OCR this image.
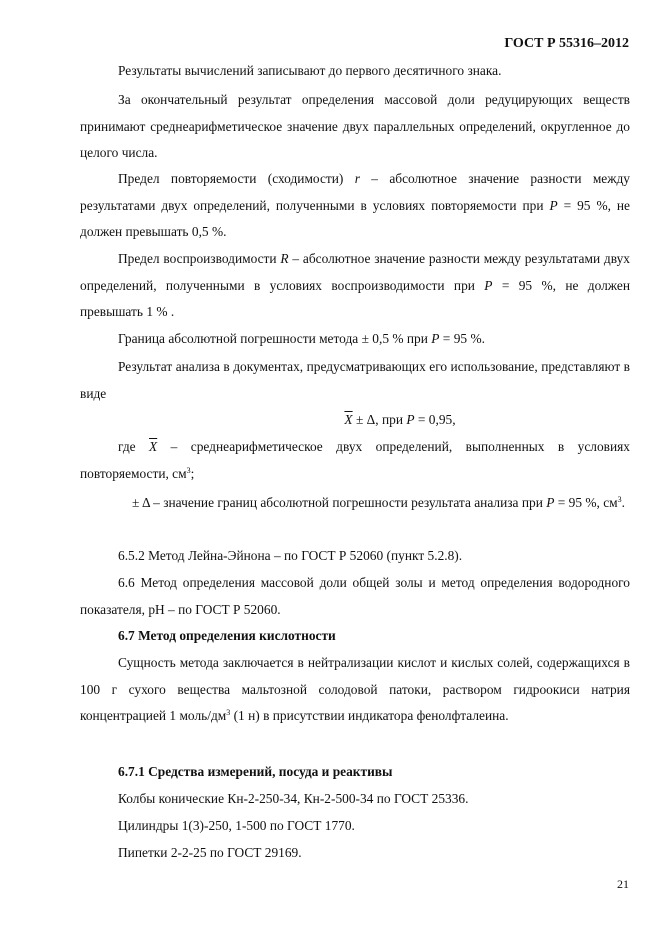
ГОСТ Р 55316–2012
Результаты вычислений записывают до первого десятичного знака.
За окончательный результат определения массовой доли редуцирующих веществ принимают среднеарифметическое значение двух параллельных определений, округленное до целого числа.
Предел повторяемости (сходимости) r – абсолютное значение разности между результатами двух определений, полученными в условиях повторяемости при P = 95 %, не должен превышать 0,5 %.
Предел воспроизводимости R – абсолютное значение разности между результатами двух определений, полученными в условиях воспроизводимости при P = 95 %, не должен превышать 1 % .
Граница абсолютной погрешности метода ± 0,5 % при P = 95 %.
Результат анализа в документах, предусматривающих его использование, представляют в виде
$\overline{X} \pm \Delta$, при P = 0,95,
где $\overline{X}$ – среднеарифметическое двух определений, выполненных в условиях повторяемости, $см^3$;
± Δ – значение границ абсолютной погрешности результата анализа при P = 95 %, $см^3$.
6.5.2 Метод Лейна-Эйнона – по ГОСТ Р 52060 (пункт 5.2.8).
6.6 Метод определения массовой доли общей золы и метод определения водородного показателя, рН – по ГОСТ Р 52060.
6.7 Метод определения кислотности
Сущность метода заключается в нейтрализации кислот и кислых солей, содержащихся в 100 г сухого вещества мальтозной солодовой патоки, раствором гидроокиси натрия концентрацией 1 моль/$дм^3$ (1 н) в присутствии индикатора фенолфталеина.
6.7.1 Средства измерений, посуда и реактивы
Колбы конические Кн-2-250-34, Кн-2-500-34 по ГОСТ 25336.
Цилиндры 1(3)-250, 1-500 по ГОСТ 1770.
Пипетки 2-2-25 по ГОСТ 29169.
21
